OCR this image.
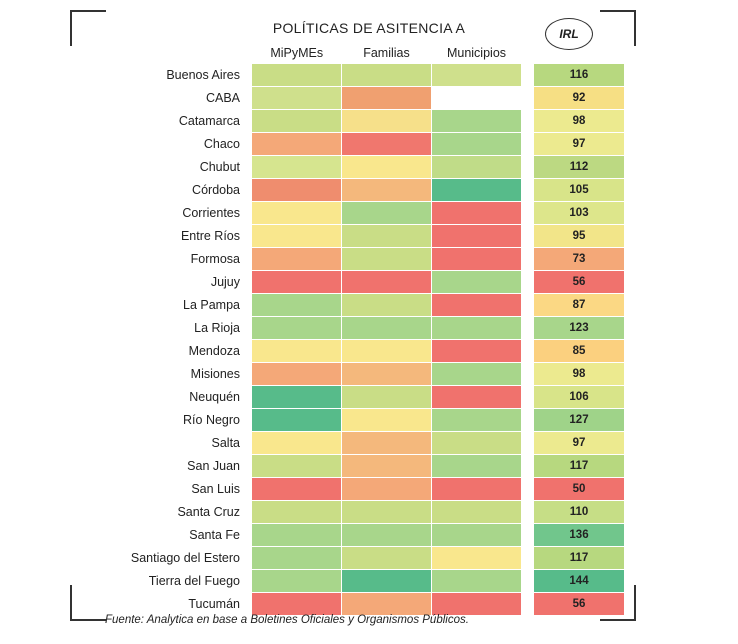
POLÍTICAS DE ASITENCIA A	IRL
	MiPyMEs	Familias	Municipios		
Buenos Aires					116
CABA					92
Catamarca					98
Chaco					97
Chubut					112
Córdoba					105
Corrientes					103
Entre Ríos					95
Formosa					73
Jujuy					56
La Pampa					87
La Rioja					123
Mendoza					85
Misiones					98
Neuquén					106
Río Negro					127
Salta					97
San Juan					117
San Luis					50
Santa Cruz					110
Santa Fe					136
Santiago del Estero					117
Tierra del Fuego					144
Tucumán					56
Fuente: Analytica en base a Boletines Oficiales y Organismos Públicos.
